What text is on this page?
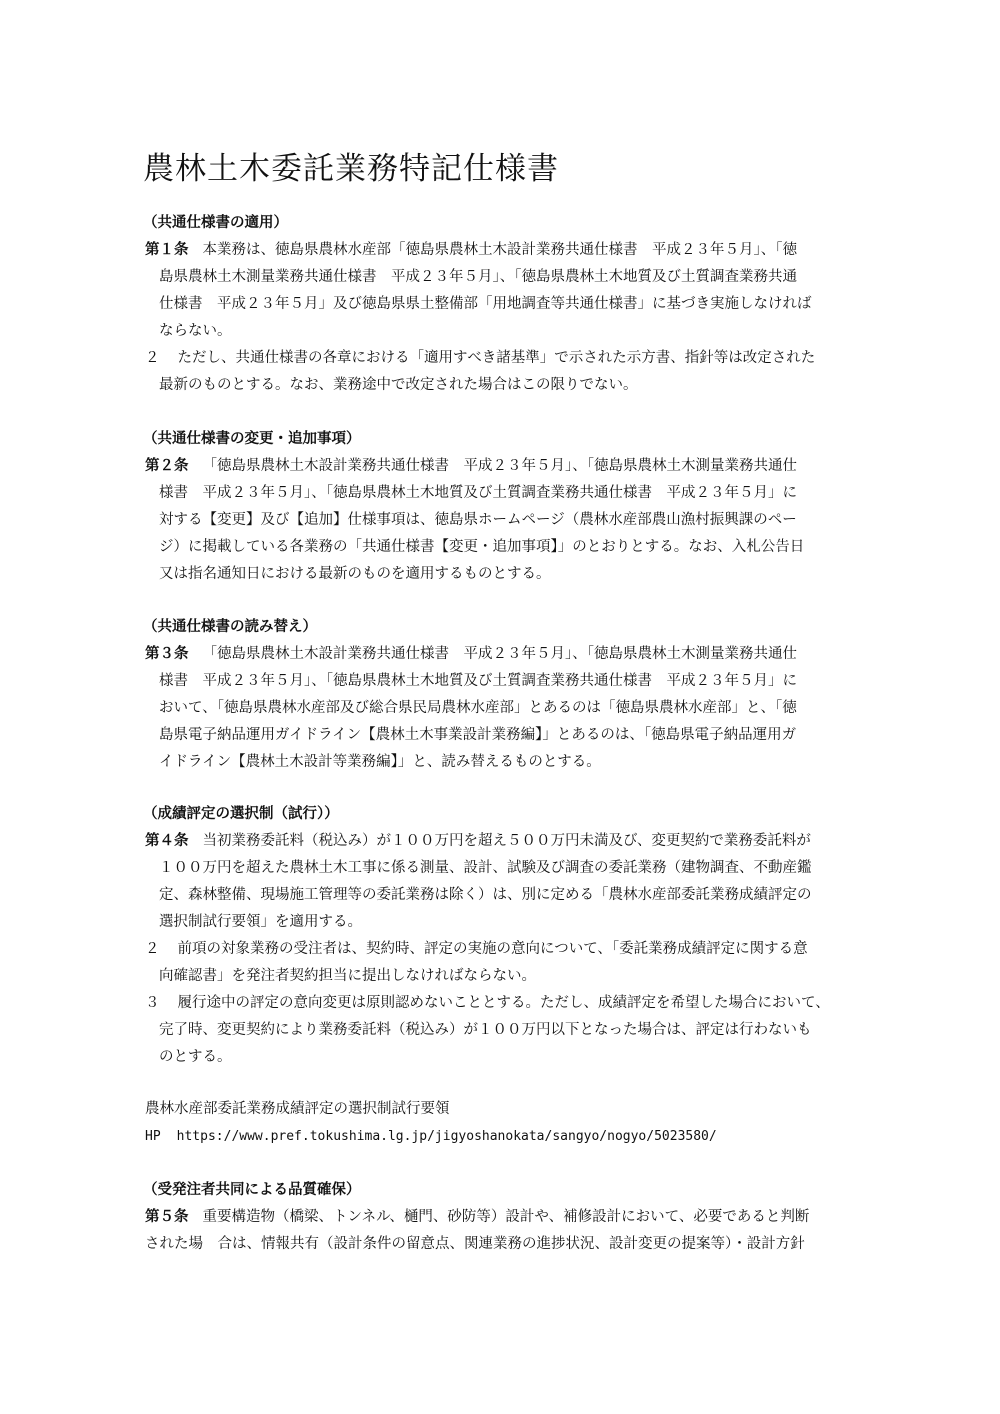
農林土木委託業務特記仕様書

（共通仕様書の適用）

第１条 本業務は、徳島県農林水産部「徳島県農林土木設計業務共通仕様書　平成２３年５月」、「徳

島県農林土木測量業務共通仕様書　平成２３年５月」、「徳島県農林土木地質及び土質調査業務共通

仕様書　平成２３年５月」及び徳島県県土整備部「用地調査等共通仕様書」に基づき実施しなければ

ならない。

２ ただし、共通仕様書の各章における「適用すべき諸基準」で示された示方書、指針等は改定された

最新のものとする。なお、業務途中で改定された場合はこの限りでない。

（共通仕様書の変更・追加事項）

第２条 「徳島県農林土木設計業務共通仕様書　平成２３年５月」、「徳島県農林土木測量業務共通仕

様書　平成２３年５月」、「徳島県農林土木地質及び土質調査業務共通仕様書　平成２３年５月」に

対する【変更】及び【追加】仕様事項は、徳島県ホームページ（農林水産部農山漁村振興課のペー

ジ）に掲載している各業務の「共通仕様書【変更・追加事項】」のとおりとする。なお、入札公告日

又は指名通知日における最新のものを適用するものとする。

（共通仕様書の読み替え）

第３条 「徳島県農林土木設計業務共通仕様書　平成２３年５月」、「徳島県農林土木測量業務共通仕

様書　平成２３年５月」、「徳島県農林土木地質及び土質調査業務共通仕様書　平成２３年５月」に

おいて、「徳島県農林水産部及び総合県民局農林水産部」とあるのは「徳島県農林水産部」と、「徳

島県電子納品運用ガイドライン【農林土木事業設計業務編】」とあるのは、「徳島県電子納品運用ガ

イドライン【農林土木設計等業務編】」と、読み替えるものとする。

（成績評定の選択制（試行））

第４条 当初業務委託料（税込み）が１００万円を超え５００万円未満及び、変更契約で業務委託料が

１００万円を超えた農林土木工事に係る測量、設計、試験及び調査の委託業務（建物調査、不動産鑑

定、森林整備、現場施工管理等の委託業務は除く）は、別に定める「農林水産部委託業務成績評定の

選択制試行要領」を適用する。

２ 前項の対象業務の受注者は、契約時、評定の実施の意向について、「委託業務成績評定に関する意

向確認書」を発注者契約担当に提出しなければならない。

３ 履行途中の評定の意向変更は原則認めないこととする。ただし、成績評定を希望した場合において、

完了時、変更契約により業務委託料（税込み）が１００万円以下となった場合は、評定は行わないも

のとする。

農林水産部委託業務成績評定の選択制試行要領

HP https://www.pref.tokushima.lg.jp/jigyoshanokata/sangyo/nogyo/5023580/

（受発注者共同による品質確保）

第５条 重要構造物（橋梁、トンネル、樋門、砂防等）設計や、補修設計において、必要であると判断

された場　合は、情報共有（設計条件の留意点、関連業務の進捗状況、設計変更の提案等）・設計方針
